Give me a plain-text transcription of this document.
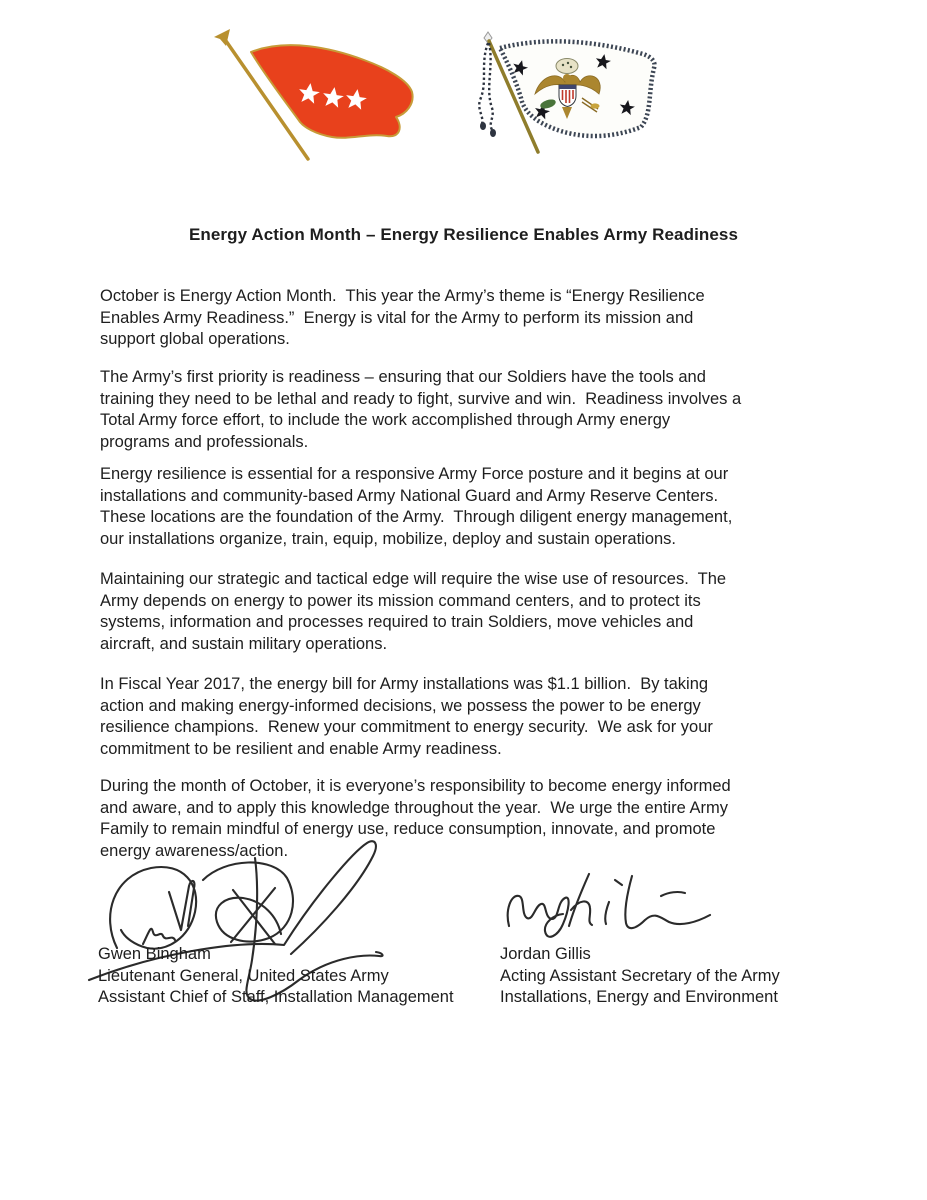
Energy Action Month – Energy Resilience Enables Army Readiness
October is Energy Action Month.  This year the Army’s theme is “Energy Resilience
Enables Army Readiness.”  Energy is vital for the Army to perform its mission and
support global operations.
The Army’s first priority is readiness – ensuring that our Soldiers have the tools and
training they need to be lethal and ready to fight, survive and win.  Readiness involves a
Total Army force effort, to include the work accomplished through Army energy
programs and professionals.
Energy resilience is essential for a responsive Army Force posture and it begins at our
installations and community-based Army National Guard and Army Reserve Centers.
These locations are the foundation of the Army.  Through diligent energy management,
our installations organize, train, equip, mobilize, deploy and sustain operations.
Maintaining our strategic and tactical edge will require the wise use of resources.  The
Army depends on energy to power its mission command centers, and to protect its
systems, information and processes required to train Soldiers, move vehicles and
aircraft, and sustain military operations.
In Fiscal Year 2017, the energy bill for Army installations was $1.1 billion.  By taking
action and making energy-informed decisions, we possess the power to be energy
resilience champions.  Renew your commitment to energy security.  We ask for your
commitment to be resilient and enable Army readiness.
During the month of October, it is everyone’s responsibility to become energy informed
and aware, and to apply this knowledge throughout the year.  We urge the entire Army
Family to remain mindful of energy use, reduce consumption, innovate, and promote
energy awareness/action.
Gwen Bingham
Lieutenant General, United States Army
Assistant Chief of Staff, Installation Management
Jordan Gillis
Acting Assistant Secretary of the Army
Installations, Energy and Environment
